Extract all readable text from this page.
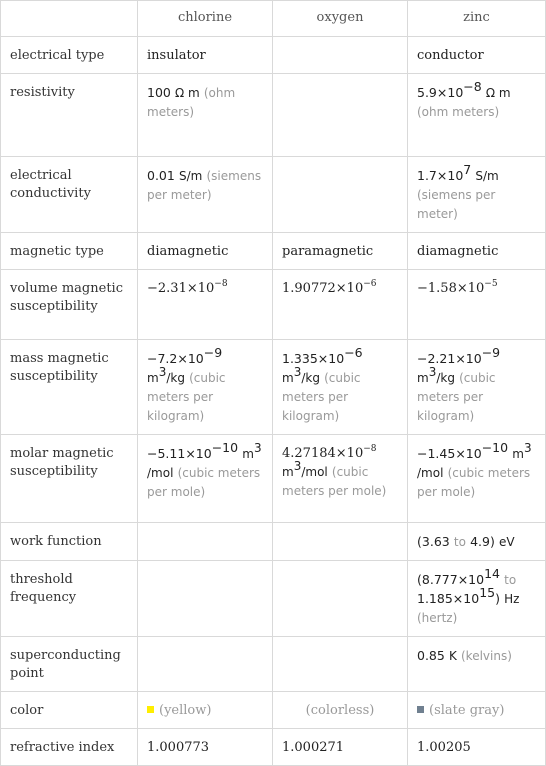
	chlorine	oxygen	zinc
electrical type	insulator		conductor
resistivity	100 Ω m (ohm meters)		$5.9\times 10^{-8}$ Ω m (ohm meters)
electrical conductivity	0.01 S/m (siemens per meter)		$1.7\times 10^7$ S/m (siemens per meter)
magnetic type	diamagnetic	paramagnetic	diamagnetic
volume magnetic susceptibility	$-2.31\times 10^{-8}$	$1.90772\times 10^{-6}$	$-1.58\times 10^{-5}$
mass magnetic susceptibility	$-7.2\times 10^{-9}$ $m^3/kg$ (cubic meters per kilogram)	$1.335\times 10^{-6}$ $m^3/kg$ (cubic meters per kilogram)	$-2.21\times 10^{-9}$ $m^3/kg$ (cubic meters per kilogram)
molar magnetic susceptibility	$-5.11\times 10^{-10}$ $m^3$ /mol (cubic meters per mole)	$4.27184\times 10^{-8}$ $m^3$/mol (cubic meters per mole)	$-1.45\times 10^{-10}$ $m^3$ /mol (cubic meters per mole)
work function			(3.63 to 4.9) eV
threshold frequency			($8.777\times 10^{14}$ to $1.185\times 10^{15}$) Hz (hertz)
superconducting point			0.85 K (kelvins)
color	(yellow)	(colorless)	(slate gray)
refractive index	1.000773	1.000271	1.00205
